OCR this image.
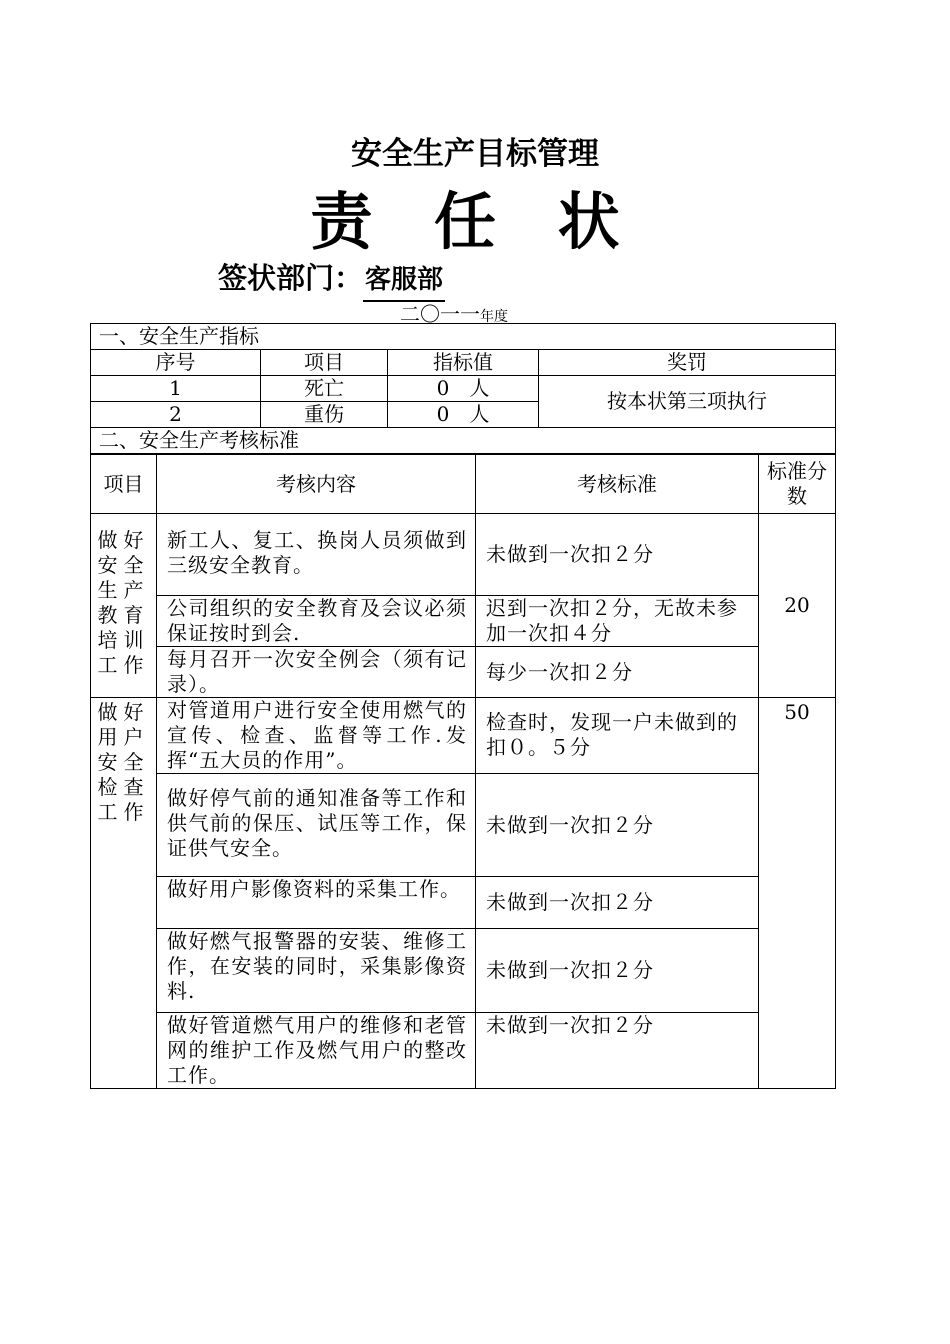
安全生产目标管理
责 任 状
签状部门：客服部
二〇一一年度
一、安全生产指标			
序号	项目	指标值	奖罚
1	死亡	0　人	按本状第三项执行
2	重伤	0　人	
二、安全生产考核标准			
项目	考核内容	考核标准	标准分数
做好安全生产教育培训工作	新工人、复工、换岗人员须做到三级安全教育。	未做到一次扣２分	20
	公司组织的安全教育及会议必须保证按时到会.	迟到一次扣２分，无故未参加一次扣４分	
	每月召开一次安全例会（须有记录）。	每少一次扣２分	
做好用户安全检查工作	对管道用户进行安全使用燃气的宣传、检查、监督等工作.发挥“五大员的作用”。	检查时，发现一户未做到的扣０。５分	50
	做好停气前的通知准备等工作和供气前的保压、试压等工作，保证供气安全。	未做到一次扣２分	
	做好用户影像资料的采集工作。	未做到一次扣２分	
	做好燃气报警器的安装、维修工作，在安装的同时，采集影像资料.	未做到一次扣２分	
	做好管道燃气用户的维修和老管网的维护工作及燃气用户的整改工作。	未做到一次扣２分	
